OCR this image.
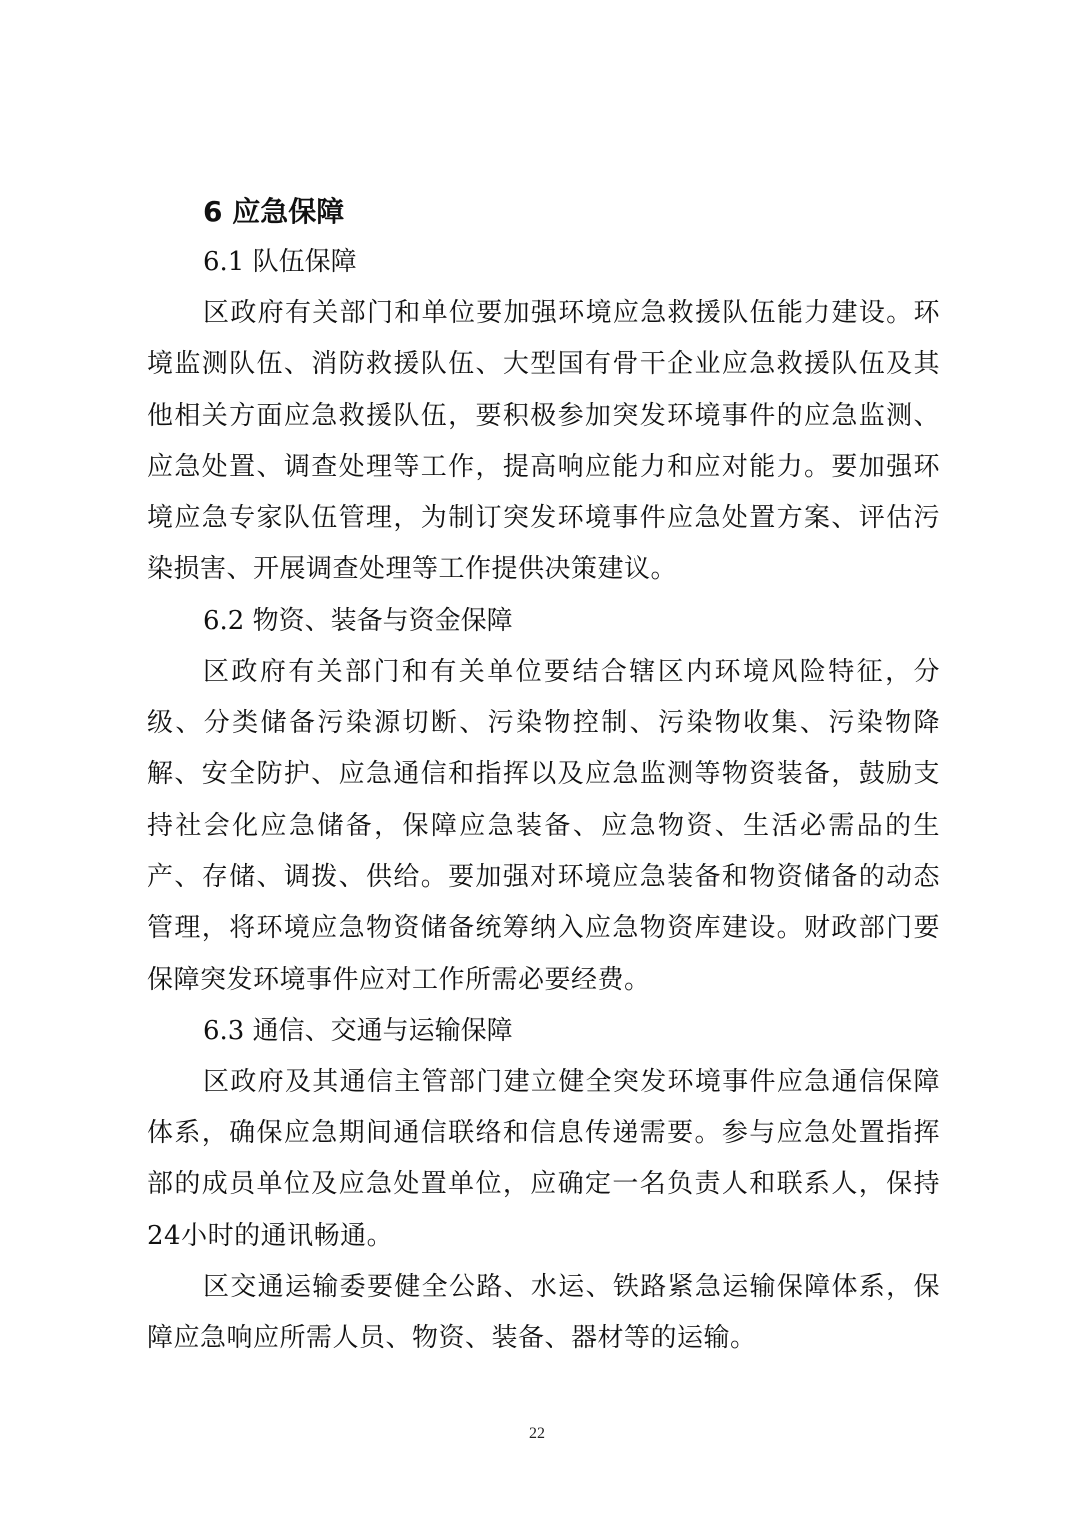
6 应急保障
6.1 队伍保障

区政府有关部门和单位要加强环境应急救援队伍能力建设。环境监测队伍、消防救援队伍、大型国有骨干企业应急救援队伍及其他相关方面应急救援队伍，要积极参加突发环境事件的应急监测、应急处置、调查处理等工作，提高响应能力和应对能力。要加强环境应急专家队伍管理，为制订突发环境事件应急处置方案、评估污染损害、开展调查处理等工作提供决策建议。

6.2 物资、装备与资金保障

区政府有关部门和有关单位要结合辖区内环境风险特征，分级、分类储备污染源切断、污染物控制、污染物收集、污染物降解、安全防护、应急通信和指挥以及应急监测等物资装备，鼓励支持社会化应急储备，保障应急装备、应急物资、生活必需品的生产、存储、调拨、供给。要加强对环境应急装备和物资储备的动态管理，将环境应急物资储备统筹纳入应急物资库建设。财政部门要保障突发环境事件应对工作所需必要经费。

6.3 通信、交通与运输保障

区政府及其通信主管部门建立健全突发环境事件应急通信保障体系，确保应急期间通信联络和信息传递需要。参与应急处置指挥部的成员单位及应急处置单位，应确定一名负责人和联系人，保持24小时的通讯畅通。

区交通运输委要健全公路、水运、铁路紧急运输保障体系，保障应急响应所需人员、物资、装备、器材等的运输。

22
